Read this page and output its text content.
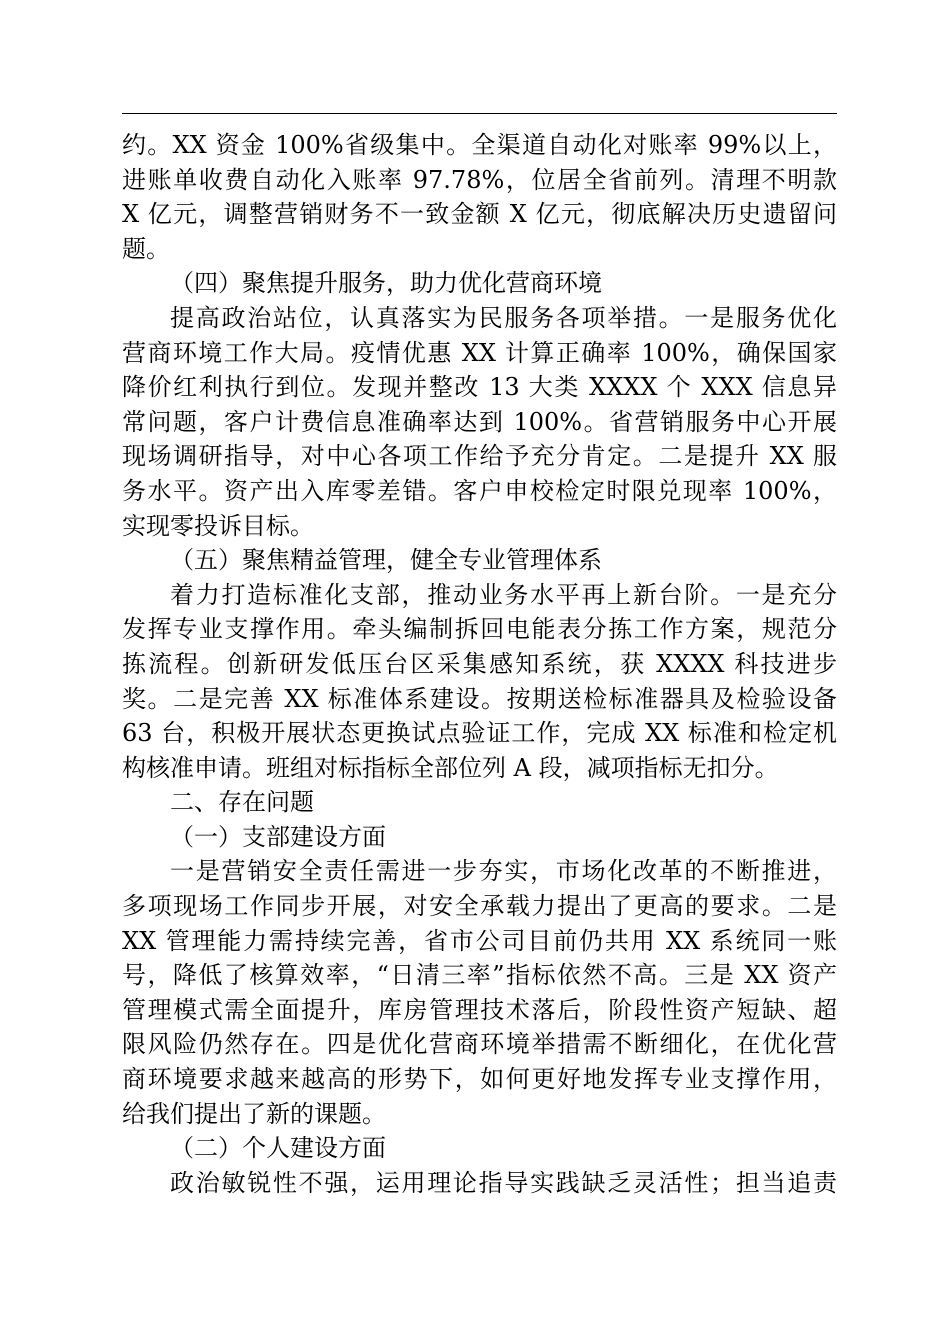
约。XX 资金 100%省级集中。全渠道自动化对账率 99%以上，
进账单收费自动化入账率 97.78%，位居全省前列。清理不明款
X 亿元，调整营销财务不一致金额 X 亿元，彻底解决历史遗留问
题。
（四）聚焦提升服务，助力优化营商环境
提高政治站位，认真落实为民服务各项举措。一是服务优化
营商环境工作大局。疫情优惠 XX 计算正确率 100%，确保国家
降价红利执行到位。发现并整改 13 大类 XXXX 个 XXX 信息异
常问题，客户计费信息准确率达到 100%。省营销服务中心开展
现场调研指导，对中心各项工作给予充分肯定。二是提升 XX 服
务水平。资产出入库零差错。客户申校检定时限兑现率 100%，
实现零投诉目标。
（五）聚焦精益管理，健全专业管理体系
着力打造标准化支部，推动业务水平再上新台阶。一是充分
发挥专业支撑作用。牵头编制拆回电能表分拣工作方案，规范分
拣流程。创新研发低压台区采集感知系统，获 XXXX 科技进步
奖。二是完善 XX 标准体系建设。按期送检标准器具及检验设备
63 台，积极开展状态更换试点验证工作，完成 XX 标准和检定机
构核准申请。班组对标指标全部位列 A 段，减项指标无扣分。
二、存在问题
（一）支部建设方面
一是营销安全责任需进一步夯实，市场化改革的不断推进，
多项现场工作同步开展，对安全承载力提出了更高的要求。二是
XX 管理能力需持续完善，省市公司目前仍共用 XX 系统同一账
号，降低了核算效率，“日清三率”指标依然不高。三是 XX 资产
管理模式需全面提升，库房管理技术落后，阶段性资产短缺、超
限风险仍然存在。四是优化营商环境举措需不断细化，在优化营
商环境要求越来越高的形势下，如何更好地发挥专业支撑作用，
给我们提出了新的课题。
（二）个人建设方面
政治敏锐性不强，运用理论指导实践缺乏灵活性；担当追责
